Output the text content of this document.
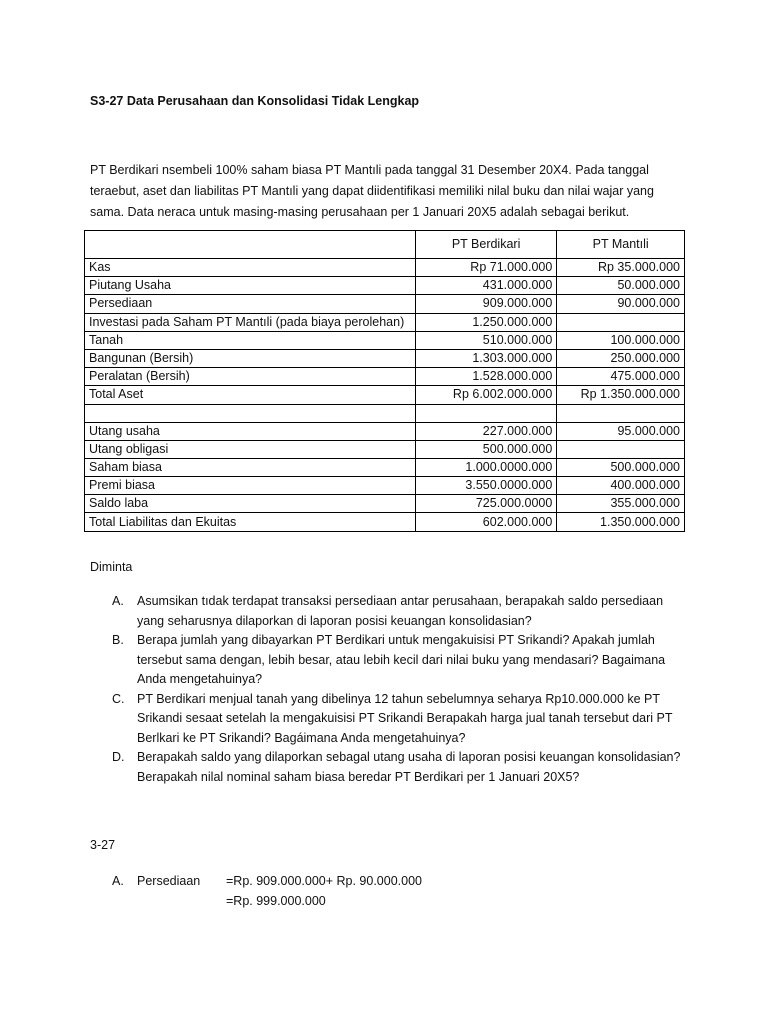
S3-27 Data Perusahaan dan Konsolidasi Tidak Lengkap

PT Berdikari nsembeli 100% saham biasa PT Mantıli pada tanggal 31 Desember 20X4. Pada tanggal

teraebut, aset dan liabilitas PT Mantıli yang dapat diidentifikasi memiliki nilal buku dan nilai wajar yang

sama. Data neraca untuk masing-masing perusahaan per 1 Januari 20X5 adalah sebagai berikut.

	PT Berdikari	PT Mantıli
Kas	Rp 71.000.000	Rp 35.000.000
Piutang Usaha	431.000.000	50.000.000
Persediaan	909.000.000	90.000.000
Investasi pada Saham PT Mantıli (pada biaya perolehan)	1.250.000.000	
Tanah	510.000.000	100.000.000
Bangunan (Bersih)	1.303.000.000	250.000.000
Peralatan (Bersih)	1.528.000.000	475.000.000
Total Aset	Rp 6.002.000.000	Rp 1.350.000.000

Utang usaha	227.000.000	95.000.000
Utang obligasi	500.000.000	
Saham biasa	1.000.0000.000	500.000.000
Premi biasa	3.550.0000.000	400.000.000
Saldo laba	725.000.0000	355.000.000
Total Liabilitas dan Ekuitas	602.000.000	1.350.000.000
Diminta
A. Asumsikan tıdak terdapat transaksi persediaan antar perusahaan, berapakah saldo persediaan
yang seharusnya dilaporkan di laporan posisi keuangan konsolidasian?
B. Berapa jumlah yang dibayarkan PT Berdikari untuk mengakuisisi PT Srikandi? Apakah jumlah
tersebut sama dengan, lebih besar, atau lebih kecil dari nilai buku yang mendasari? Bagaimana
Anda mengetahuinya?
C. PT Berdikari menjual tanah yang dibelinya 12 tahun sebelumnya seharya Rp10.000.000 ke PT
Srikandi sesaat setelah la mengakuisisi PT Srikandi Berapakah harga jual tanah tersebut dari PT
Berlkari ke PT Srikandi? Bagáimana Anda mengetahuinya?
D. Berapakah saldo yang dilaporkan sebagal utang usaha di laporan posisi keuangan konsolidasian?
Berapakah nilal nominal saham biasa beredar PT Berdikari per 1 Januari 20X5?
3-27
A. Persediaan =Rp. 909.000.000+ Rp. 90.000.000
=Rp. 999.000.000
